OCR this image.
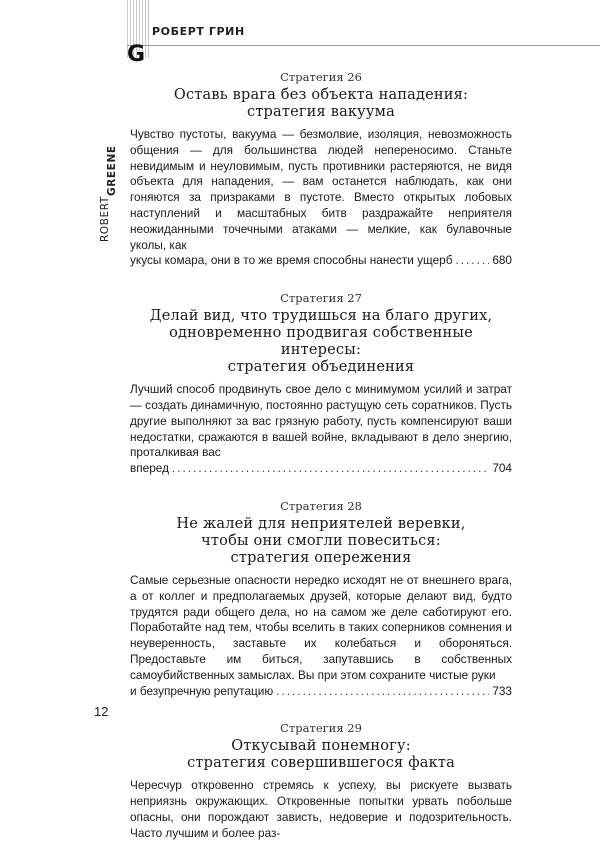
РОБЕРТ ГРИН
G
ROBERT
GREENE
Стратегия 26
Оставь врага без объекта нападения:
стратегия вакуума

Чувство пустоты, вакуума — безмолвие, изоляция, невозможность общения — для большинства людей непереносимо. Станьте невидимым и неуловимым, пусть противники растеряются, не видя объекта для нападения, — вам останется наблюдать, как они гоняются за призраками в пустоте. Вместо открытых лобовых наступлений и масштабных битв раздражайте неприятеля неожиданными точечными атаками — мелкие, как булавочные уколы, как

укусы комара, они в то же время способны нанести ущерб .....	680
Стратегия 27
Делай вид, что трудишься на благо других,
одновременно продвигая собственные интересы:
стратегия объединения

Лучший способ продвинуть свое дело с минимумом усилий и затрат — создать динамичную, постоянно растущую сеть соратников. Пусть другие выполняют за вас грязную работу, пусть компенсируют ваши недостатки, сражаются в вашей войне, вкладывают в дело энергию, проталкивая вас

вперед .....	704
Стратегия 28
Не жалей для неприятелей веревки,
чтобы они смогли повеситься:
стратегия опережения

Самые серьезные опасности нередко исходят не от внешнего врага, а от коллег и предполагаемых друзей, которые делают вид, будто трудятся ради общего дела, но на самом же деле саботируют его. Поработайте над тем, чтобы вселить в таких соперников сомнения и неуверенность, заставьте их колебаться и обороняться. Предоставьте им биться, запутавшись в собственных самоубийственных замыслах. Вы при этом сохраните чистые руки

и безупречную репутацию .....	733
Стратегия 29
Откусывай понемногу:
стратегия совершившегося факта

Чересчур откровенно стремясь к успеху, вы рискуете вызвать неприязнь окружающих. Откровенные попытки урвать побольше опасны, они порождают зависть, недоверие и подозрительность. Часто лучшим и более раз-

12
